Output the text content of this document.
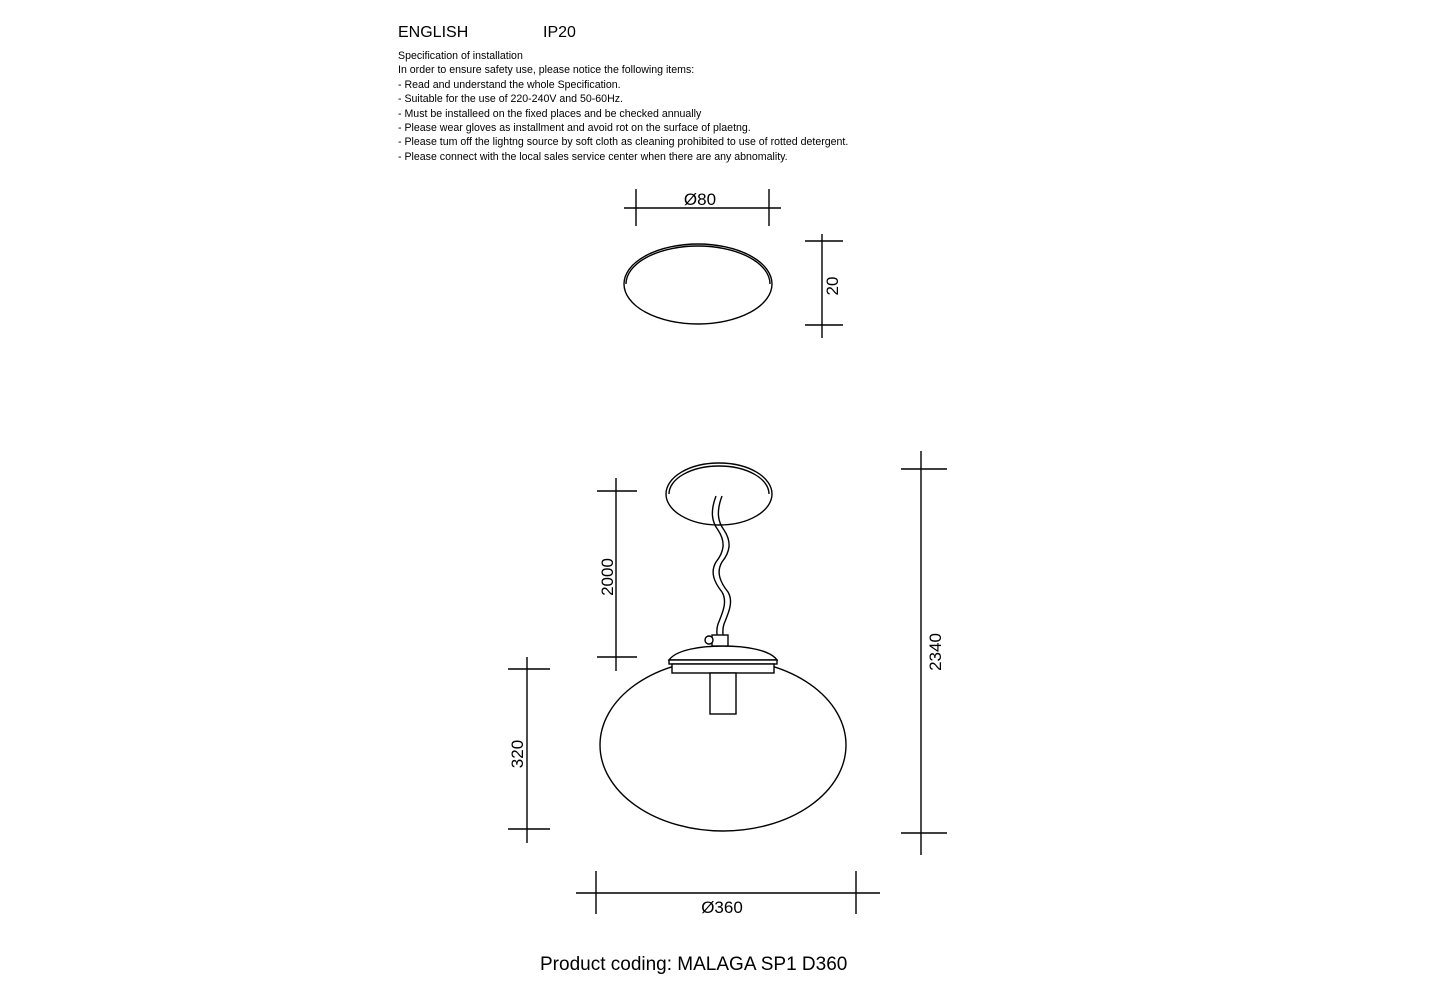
ENGLISH	IP20
Specification of installation
In order to ensure safety use, please notice the following items:
- Read and understand the whole Specification.
- Suitable for the use of 220-240V and 50-60Hz.
- Must be installeed on the fixed places and be checked annually
- Please wear gloves as installment and avoid rot on the surface of plaetng.
- Please tum off the lightng source by soft cloth as cleaning prohibited to use of rotted detergent.
- Please connect with the local sales service center when there are any abnomality.
Ø80
20
2000
2340
320
Ø360
Product coding: MALAGA SP1 D360
